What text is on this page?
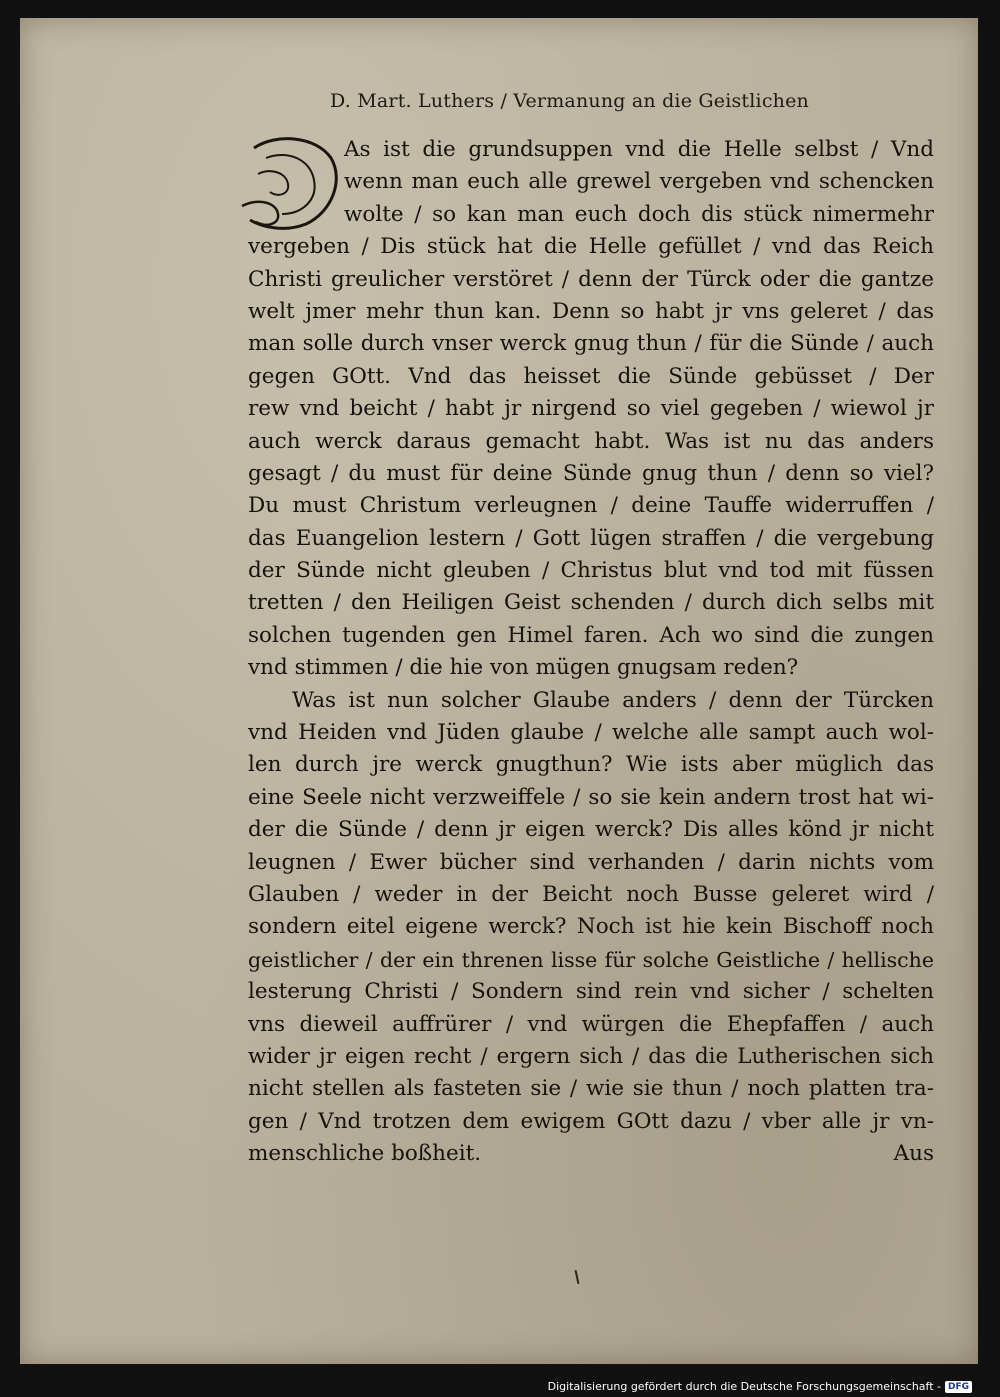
D. Mart. Luthers / Vermanung an die Geistlichen
As ist die grundsuppen vnd die Helle selbst / Vnd
wenn man euch alle grewel vergeben vnd schencken
wolte / so kan man euch doch dis stück nimermehr
vergeben / Dis stück hat die Helle gefüllet / vnd das Reich
Christi greulicher verstöret / denn der Türck oder die gantze
welt jmer mehr thun kan. Denn so habt jr vns geleret / das
man solle durch vnser werck gnug thun / für die Sünde / auch
gegen GOtt. Vnd das heisset die Sünde gebüsset / Der
rew vnd beicht / habt jr nirgend so viel gegeben / wiewol jr
auch werck daraus gemacht habt. Was ist nu das anders
gesagt / du must für deine Sünde gnug thun / denn so viel?
Du must Christum verleugnen / deine Tauffe widerruffen /
das Euangelion lestern / Gott lügen straffen / die vergebung
der Sünde nicht gleuben / Christus blut vnd tod mit füssen
tretten / den Heiligen Geist schenden / durch dich selbs mit
solchen tugenden gen Himel faren. Ach wo sind die zungen
vnd stimmen / die hie von mügen gnugsam reden?
Was ist nun solcher Glaube anders / denn der Türcken
vnd Heiden vnd Jüden glaube / welche alle sampt auch wol-
len durch jre werck gnugthun? Wie ists aber müglich das
eine Seele nicht verzweiffele / so sie kein andern trost hat wi-
der die Sünde / denn jr eigen werck? Dis alles könd jr nicht
leugnen / Ewer bücher sind verhanden / darin nichts vom
Glauben / weder in der Beicht noch Busse geleret wird /
sondern eitel eigene werck? Noch ist hie kein Bischoff noch
geistlicher / der ein threnen lisse für solche Geistliche / hellische
lesterung Christi / Sondern sind rein vnd sicher / schelten
vns dieweil auffrürer / vnd würgen die Ehepfaffen / auch
wider jr eigen recht / ergern sich / das die Lutherischen sich
nicht stellen als fasteten sie / wie sie thun / noch platten tra-
gen / Vnd trotzen dem ewigem GOtt dazu / vber alle jr vn-
menschliche boßheit.	Aus
Digitalisierung gefördert durch die Deutsche Forschungsgemeinschaft - DFG
